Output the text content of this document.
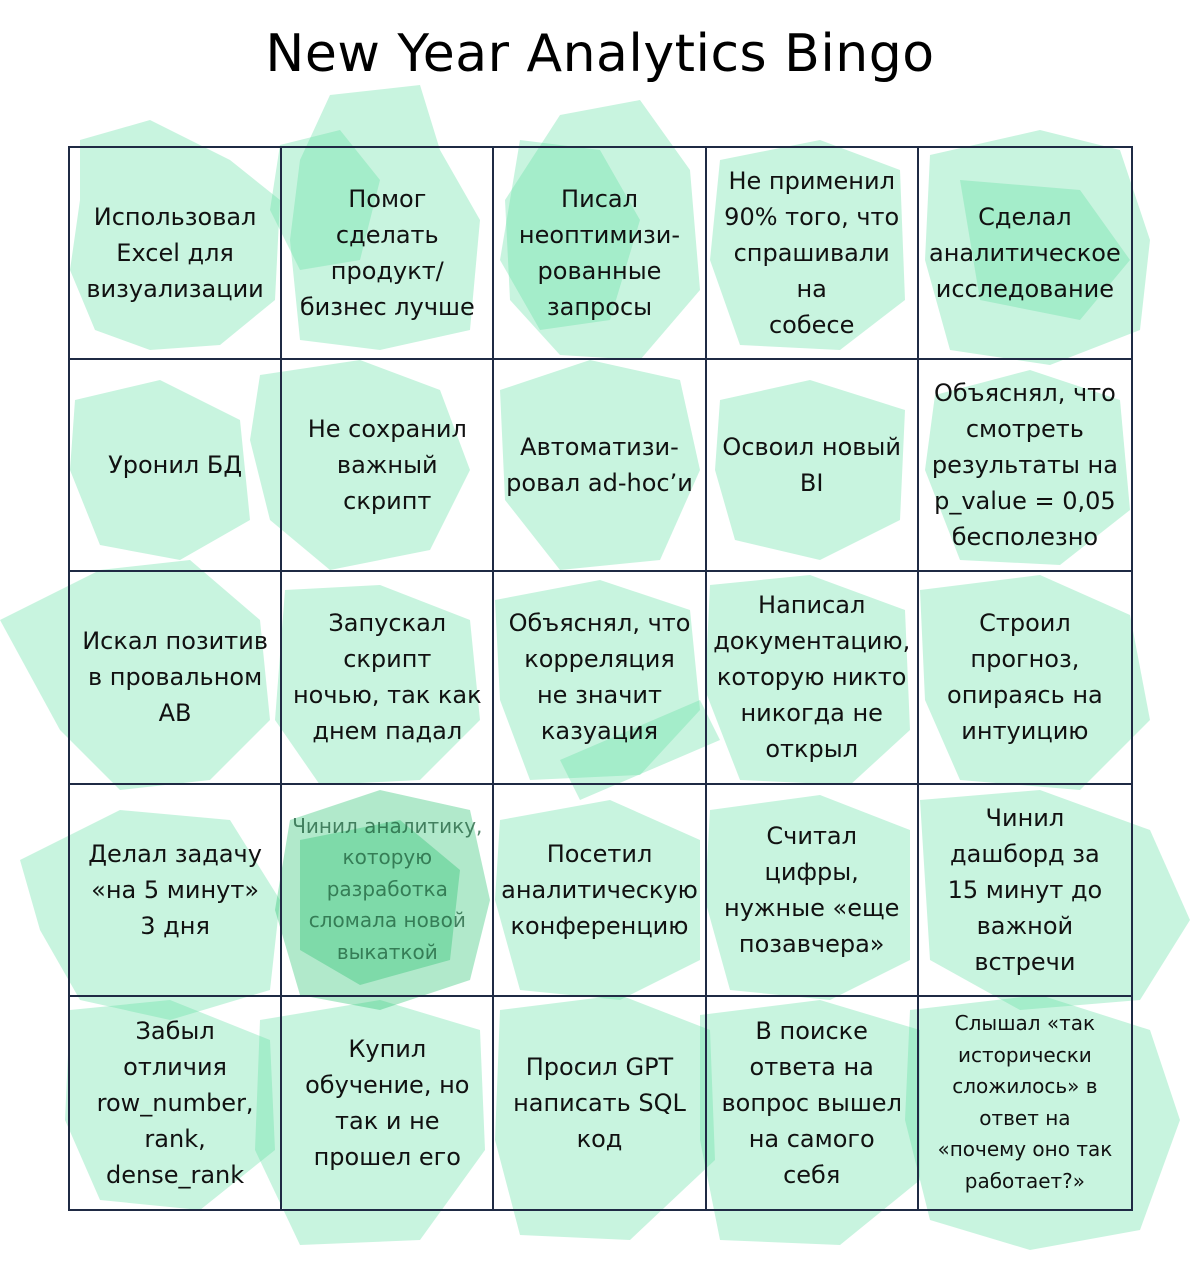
New Year Analytics Bingo
Использовал
Excel для
визуализации
Помог
сделать
продукт/
бизнес лучше
Писал
неоптимизи-
рованные
запросы
Не применил
90% того, что
спрашивали на
собесе
Сделал
аналитическое
исследование
Уронил БД
Не сохранил
важный
скрипт
Автоматизи-
ровал ad-hoc’и
Освоил новый
BI
Объяснял, что
смотреть
результаты на
p_value = 0,05
бесполезно
Искал позитив
в провальном
AB
Запускал
скрипт
ночью, так как
днем падал
Объяснял, что
корреляция
не значит
казуация
Написал
документацию,
которую никто
никогда не
открыл
Строил
прогноз,
опираясь на
интуицию
Делал задачу
«на 5 минут»
3 дня
Чинил аналитику,
которую
разработка
сломала новой
выкаткой
Посетил
аналитическую
конференцию
Считал
цифры,
нужные «еще
позавчера»
Чинил
дашборд за
15 минут до
важной
встречи
Забыл
отличия
row_number,
rank,
dense_rank
Купил
обучение, но
так и не
прошел его
Просил GPT
написать SQL
код
В поиске
ответа на
вопрос вышел
на самого себя
Слышал «так
исторически
сложилось» в
ответ на
«почему оно так
работает?»
